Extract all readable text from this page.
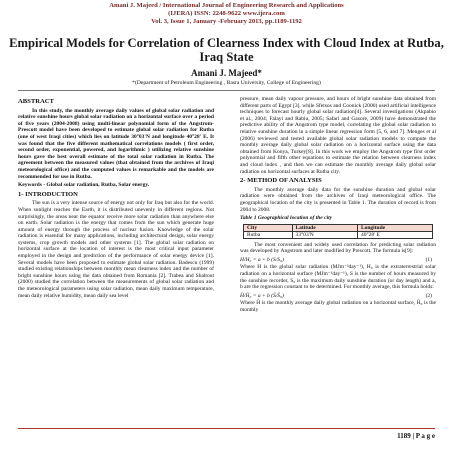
Amani J. Majeed / International Journal of Engineering Research and Applications
(IJERA) ISSN: 2248-9622 www.ijera.com
Vol. 3, Issue 1, January -February 2013, pp.1189-1192
Empirical Models for Correlation of Clearness Index with Cloud Index at Rutba, Iraq State
Amani J. Majeed*
*(Department of Petroleum Engineering , Basra University, College of Engineering)
ABSTRACT

In this study, the monthly average daily values of global solar radiation and relative sunshine hours global solar radiation on a horizontal surface over a period of five years (2004-2008) using multi-linear polynomial form of the Angstrom-Prescott model have been developed to estimate global solar radiation for Rutba (one of west Iraqi cities) which lies on latitude 30°03'N and longitude 40°28' E. It was found that the five different mathematical correlations models ( first order, second order, exponential, powered, and logarithmic ) utilizing relative sunshine hours gave the best overall estimate of the total solar radiation in Rutba. The agreement between the measured values (that obtained from the archives of Iraqi meteorological office) and the computed values is remarkable and the models are recommended for use in Rutba.

Keywords - Global solar radiation, Rutba, Solar energy.

1- INTRODUCTION

The sun is a very intense source of energy not only for Iraq but also for the world. When sunlight reaches the Earth, it is distributed unevenly in different regions. Not surprisingly, the areas near the equator receive more solar radiation than anywhere else on earth. Solar radiation is the energy that comes from the sun which generate huge amount of energy through the process of nuclear fusion. Knowledge of the solar radiation is essential for many applications, including architectural design, solar energy systems, crop growth models and other systems [1]. The global solar radiation on horizontal surface at the location of interest is the most critical input parameter employed in the design and prediction of the performance of solar energy device [1]. Several models have been proposed to estimate global solar radiation. Badescu (1999) studied existing relationships between monthly mean clearness index and the number of bright sunshine hours using the data obtained from Romania [2]. Trabea and Shaltout (2000) studied the correlation between the measurements of global solar radiation and the meteorological parameters using solar radiation, mean daily maximum temperature, mean daily relative humidity, mean daily sea level

pressure, mean daily vapour pressure, and hours of bright sunshine data obtained from different parts of Egypt [3]. while Sfetsos and Coonick (2000) used artificial intelligence techniques to forecast hourly global solar radiation[4]. Several investigations (Akpabio et al., 2004; Falayi and Rabiu, 2005; Safari and Gasore, 2009) have demonstrated the predictive ability of the Angstrom type model, correlating the global solar radiation to relative sunshine duration in a simple linear regression form [5, 6, and 7]. Menges et al (2006) reviewed and tested available global solar radiation models to compute the monthly average daily global solar radiation on a horizontal surface using the data obtained from Konya, Turkey[8]. In this work we employ the Angstrom type first order polynomial and fifth other equations to estimate the relation between clearness index and cloud index , and then we can estimate the monthly average daily global solar radiation on horizontal surfaces at Rutba city.

2- METHOD OF ANALYSIS

The monthly average daily data for the sunshine duration and global solar radiation were obtained from the archives of Iraqi meteorological office. The geographical location of the city is presented in Table 1. The duration of record is from 2004 to 2008.

Table 1 Geographical location of the city
City	Latitude	Longitude
Rutba	33°03'N	40°28' E

The most convenient and widely used correlation for predicting solar radiation was developed by Angstrom and later modified by Prescott. The formula is[9]:

H/H₀ = a + b (S/S₀)	(1)

Where H is the global solar radiation (MJm⁻²day⁻¹), H₀ is the extraterrestrial solar radiation on a horizontal surface (MJm⁻²day⁻¹), S is the number of hours measured by the sunshine recorder, S₀ is the maximum daily sunshine duration (or day length) and a, b are the regression constant to be determined. For monthly average, this formula holds:

H̄/H̄₀ = a + b (S̄/S̄₀)	(2)

Where H̄ is the monthly average daily global radiation on a horizontal surface, H̄₀ is the monthly

1189 | P a g e
